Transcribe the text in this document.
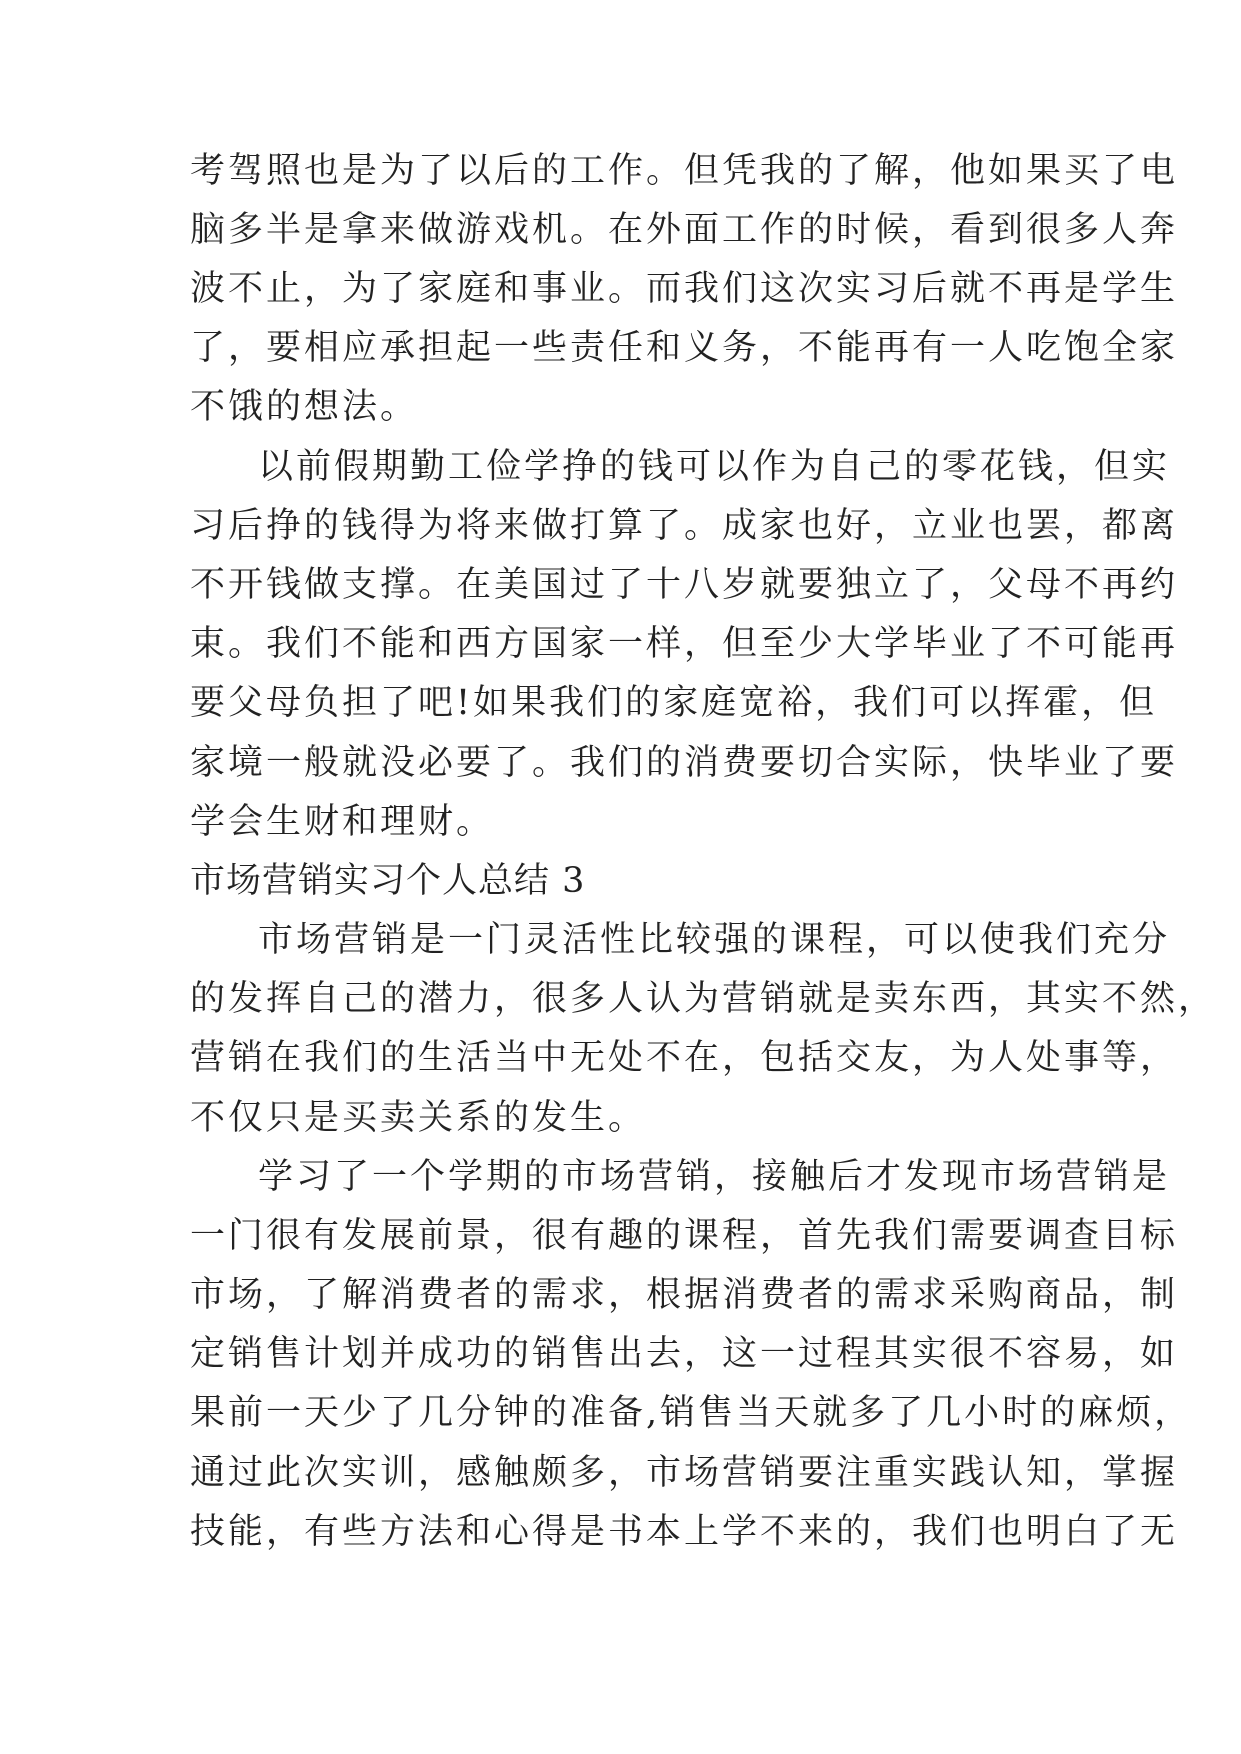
考驾照也是为了以后的工作。但凭我的了解，他如果买了电
脑多半是拿来做游戏机。在外面工作的时候，看到很多人奔
波不止，为了家庭和事业。而我们这次实习后就不再是学生
了，要相应承担起一些责任和义务，不能再有一人吃饱全家
不饿的想法。
以前假期勤工俭学挣的钱可以作为自己的零花钱，但实
习后挣的钱得为将来做打算了。成家也好，立业也罢，都离
不开钱做支撑。在美国过了十八岁就要独立了，父母不再约
束。我们不能和西方国家一样，但至少大学毕业了不可能再
要父母负担了吧!如果我们的家庭宽裕，我们可以挥霍，但
家境一般就没必要了。我们的消费要切合实际，快毕业了要
学会生财和理财。
市场营销实习个人总结 3
市场营销是一门灵活性比较强的课程，可以使我们充分
的发挥自己的潜力，很多人认为营销就是卖东西，其实不然，
营销在我们的生活当中无处不在，包括交友，为人处事等，
不仅只是买卖关系的发生。
学习了一个学期的市场营销，接触后才发现市场营销是
一门很有发展前景，很有趣的课程，首先我们需要调查目标
市场，了解消费者的需求，根据消费者的需求采购商品，制
定销售计划并成功的销售出去，这一过程其实很不容易，如
果前一天少了几分钟的准备,销售当天就多了几小时的麻烦，
通过此次实训，感触颇多，市场营销要注重实践认知，掌握
技能，有些方法和心得是书本上学不来的，我们也明白了无
